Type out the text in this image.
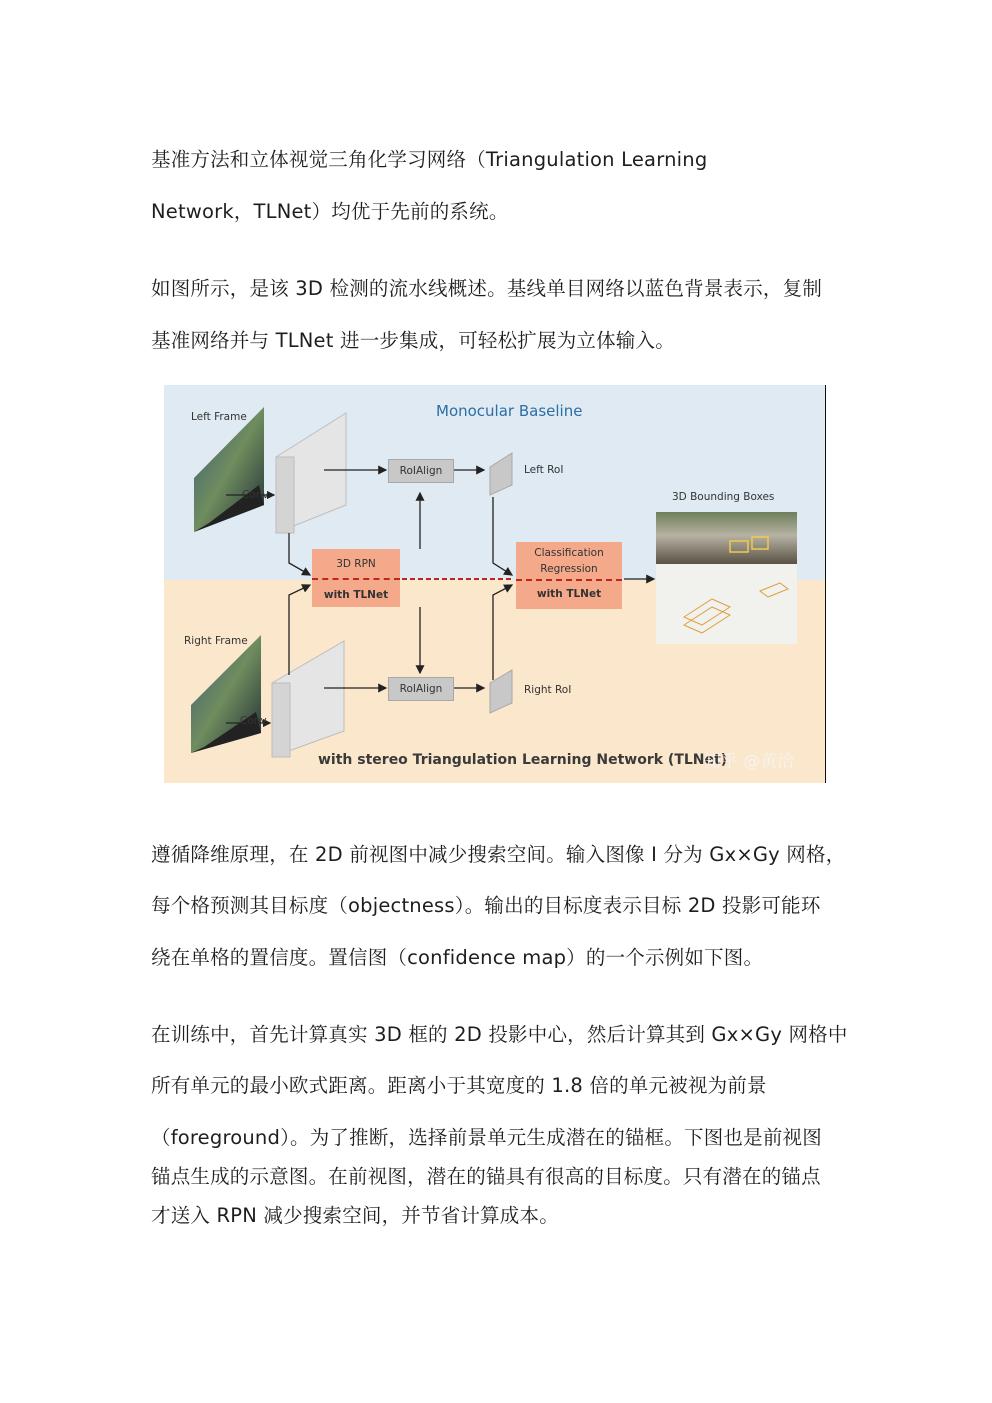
基准方法和立体视觉三角化学习网络（Triangulation Learning
Network，TLNet）均优于先前的系统。
如图所示，是该 3D 检测的流水线概述。基线单目网络以蓝色背景表示，复制
基准网络并与 TLNet 进一步集成，可轻松扩展为立体输入。
Monocular Baseline
with stereo Triangulation Learning Network (TLNet)
Left Frame
Right Frame
Conv
Conv
RoIAlign
RoIAlign
Left RoI
Right RoI
3D RPN
with TLNet
Classification
Regression
with TLNet
3D Bounding Boxes
知乎 @黄洽
遵循降维原理，在 2D 前视图中减少搜索空间。输入图像 I 分为 Gx×Gy 网格，
每个格预测其目标度（objectness）。输出的目标度表示目标 2D 投影可能环
绕在单格的置信度。置信图（confidence map）的一个示例如下图。
在训练中，首先计算真实 3D 框的 2D 投影中心，然后计算其到 Gx×Gy 网格中
所有单元的最小欧式距离。距离小于其宽度的 1.8 倍的单元被视为前景
（foreground）。为了推断，选择前景单元生成潜在的锚框。下图也是前视图
锚点生成的示意图。在前视图，潜在的锚具有很高的目标度。只有潜在的锚点
才送入 RPN 减少搜索空间，并节省计算成本。
